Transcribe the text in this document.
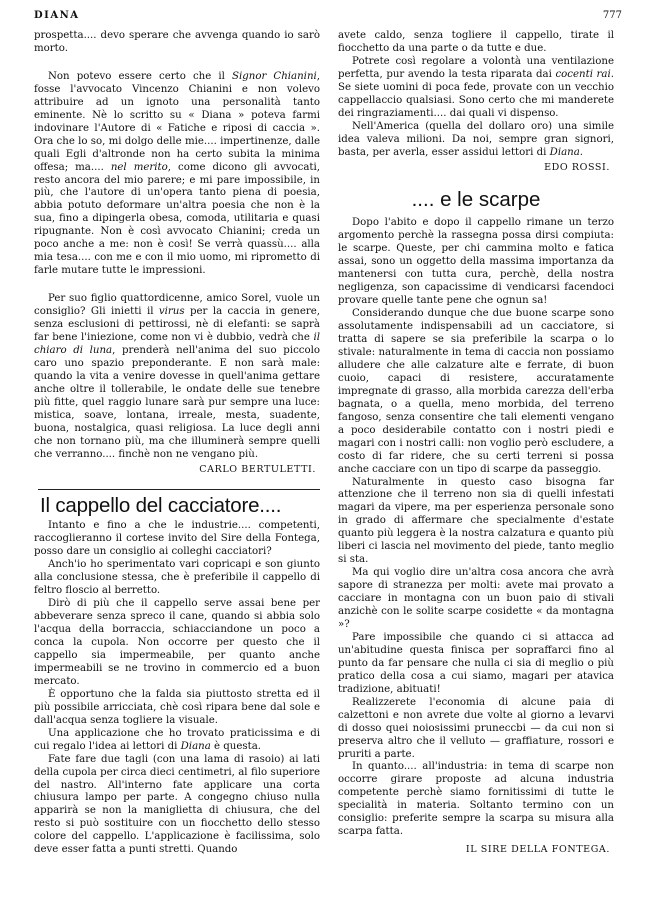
DIANA	777

prospetta.... devo sperare che avvenga quando io sarò morto.

Non potevo essere certo che il Signor Chianini, fosse l'avvocato Vincenzo Chianini e non volevo attribuire ad un ignoto una personalità tanto eminente. Nè lo scritto su « Diana » poteva farmi indovinare l'Autore di « Fatiche e riposi di caccia ». Ora che lo so, mi dolgo delle mie.... impertinenze, dalle quali Egli d'altronde non ha certo subita la minima offesa; ma.... nel merito, come dicono gli avvocati, resto ancora del mio parere; e mi pare impossibile, in più, che l'autore di un'opera tanto piena di poesia, abbia potuto deformare un'altra poesia che non è la sua, fino a dipingerla obesa, comoda, utilitaria e quasi ripugnante. Non è così avvocato Chianini; creda un poco anche a me: non è così! Se verrà quassù.... alla mia tesa.... con me e con il mio uomo, mi riprometto di farle mutare tutte le impressioni.

Per suo figlio quattordicenne, amico Sorel, vuole un consiglio? Gli inietti il virus per la caccia in genere, senza esclusioni di pettirossi, nè di elefanti: se saprà far bene l'iniezione, come non vi è dubbio, vedrà che il chiaro di luna, prenderà nell'anima del suo piccolo caro uno spazio preponderante. E non sarà male: quando la vita a venire dovesse in quell'anima gettare anche oltre il tollerabile, le ondate delle sue tenebre più fitte, quel raggio lunare sarà pur sempre una luce: mistica, soave, lontana, irreale, mesta, suadente, buona, nostalgica, quasi religiosa. La luce degli anni che non tornano più, ma che illuminerà sempre quelli che verranno.... finchè non ne vengano più.

CARLO BERTULETTI.
Il cappello del cacciatore....

Intanto e fino a che le industrie.... competenti, raccoglieranno il cortese invito del Sire della Fontega, posso dare un consiglio ai colleghi cacciatori?

Anch'io ho sperimentato vari copricapi e son giunto alla conclusione stessa, che è preferibile il cappello di feltro floscio al berretto.

Dirò di più che il cappello serve assai bene per abbeverare senza spreco il cane, quando si abbia solo l'acqua della borraccia, schiacciandone un poco a conca la cupola. Non occorre per questo che il cappello sia impermeabile, per quanto anche impermeabili se ne trovino in commercio ed a buon mercato.

È opportuno che la falda sia piuttosto stretta ed il più possibile arricciata, chè così ripara bene dal sole e dall'acqua senza togliere la visuale.

Una applicazione che ho trovato praticissima e di cui regalo l'idea ai lettori di Diana è questa.

Fate fare due tagli (con una lama di rasoio) ai lati della cupola per circa dieci centimetri, al filo superiore del nastro. All'interno fate applicare una corta chiusura lampo per parte. A congegno chiuso nulla apparirà se non la maniglietta di chiusura, che del resto si può sostituire con un fiocchetto dello stesso colore del cappello. L'applicazione è facilissima, solo deve esser fatta a punti stretti. Quando

avete caldo, senza togliere il cappello, tirate il fiocchetto da una parte o da tutte e due.

Potrete così regolare a volontà una ventilazione perfetta, pur avendo la testa riparata dai cocenti rai. Se siete uomini di poca fede, provate con un vecchio cappellaccio qualsiasi. Sono certo che mi manderete dei ringraziamenti.... dai quali vi dispenso.

Nell'America (quella del dollaro oro) una simile idea valeva milioni. Da noi, sempre gran signori, basta, per averla, esser assidui lettori di Diana.

EDO ROSSI.
.... e le scarpe

Dopo l'abito e dopo il cappello rimane un terzo argomento perchè la rassegna possa dirsi compiuta: le scarpe. Queste, per chi cammina molto e fatica assai, sono un oggetto della massima importanza da mantenersi con tutta cura, perchè, della nostra negligenza, son capacissime di vendicarsi facendoci provare quelle tante pene che ognun sa!

Considerando dunque che due buone scarpe sono assolutamente indispensabili ad un cacciatore, si tratta di sapere se sia preferibile la scarpa o lo stivale: naturalmente in tema di caccia non possiamo alludere che alle calzature alte e ferrate, di buon cuoio, capaci di resistere, accuratamente impregnate di grasso, alla morbida carezza dell'erba bagnata, o a quella, meno morbida, del terreno fangoso, senza consentire che tali elementi vengano a poco desiderabile contatto con i nostri piedi e magari con i nostri calli: non voglio però escludere, a costo di far ridere, che su certi terreni si possa anche cacciare con un tipo di scarpe da passeggio.

Naturalmente in questo caso bisogna far attenzione che il terreno non sia di quelli infestati magari da vipere, ma per esperienza personale sono in grado di affermare che specialmente d'estate quanto più leggera è la nostra calzatura e quanto più liberi ci lascia nel movimento del piede, tanto meglio si sta.

Ma qui voglio dire un'altra cosa ancora che avrà sapore di stranezza per molti: avete mai provato a cacciare in montagna con un buon paio di stivali anzichè con le solite scarpe cosidette « da montagna »?

Pare impossibile che quando ci si attacca ad un'abitudine questa finisca per sopraffarci fino al punto da far pensare che nulla ci sia di meglio o più pratico della cosa a cui siamo, magari per atavica tradizione, abituati!

Realizzerete l'economia di alcune paia di calzettoni e non avrete due volte al giorno a levarvi di dosso quei noiosissimi pruneccbi — da cui non si preserva altro che il velluto — graffiature, rossori e pruriti a parte.

In quanto.... all'industria: in tema di scarpe non occorre girare proposte ad alcuna industria competente perchè siamo fornitissimi di tutte le specialità in materia. Soltanto termino con un consiglio: preferite sempre la scarpa su misura alla scarpa fatta.

IL SIRE DELLA FONTEGA.
